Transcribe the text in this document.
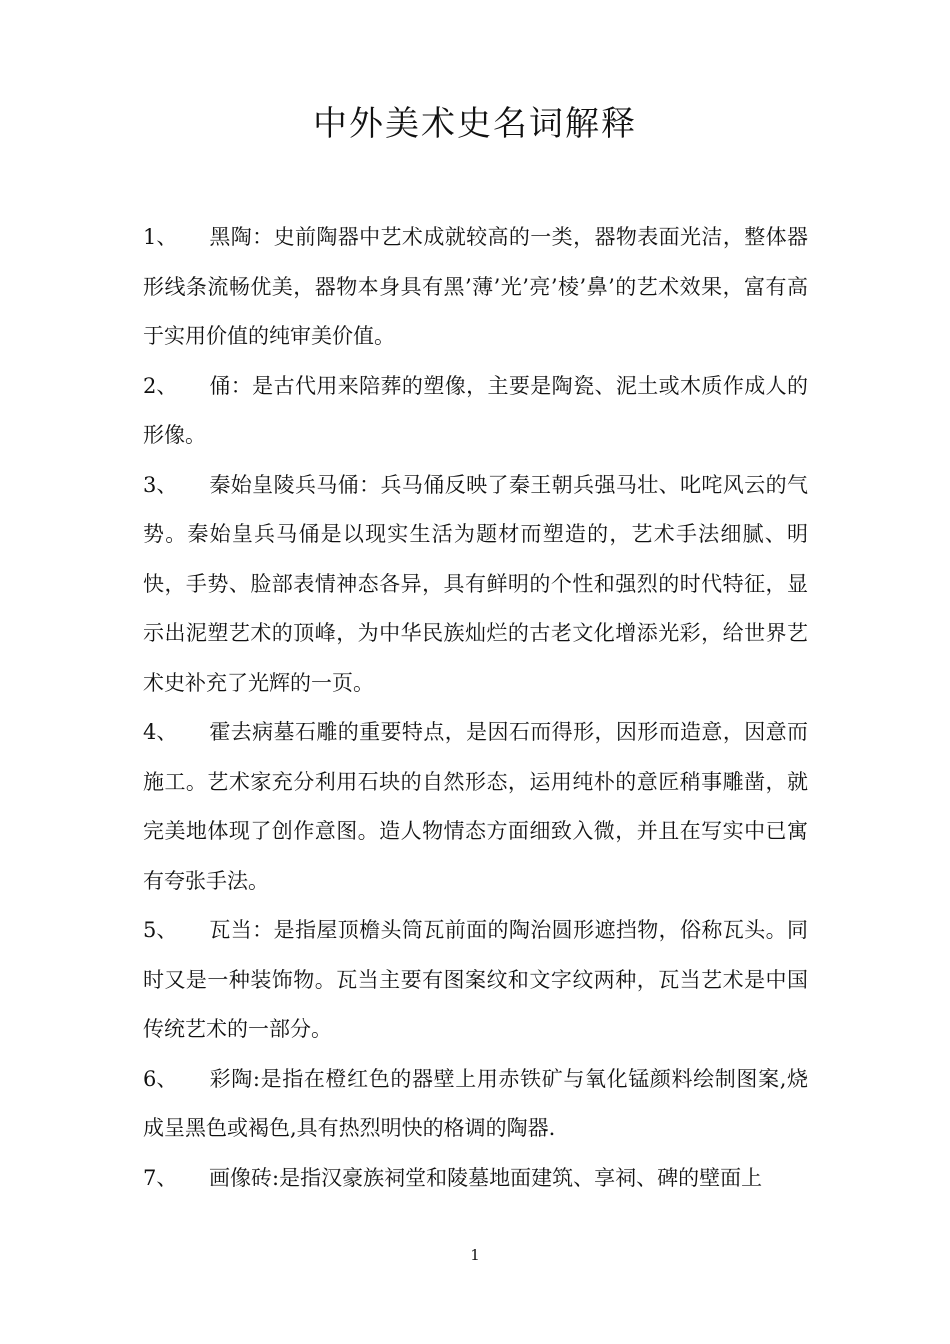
中外美术史名词解释

1、 黑陶：史前陶器中艺术成就较高的一类，器物表面光洁，整体器形线条流畅优美，器物本身具有黑’薄’光’亮’棱’鼻’的艺术效果，富有高于实用价值的纯审美价值。

2、 俑：是古代用来陪葬的塑像，主要是陶瓷、泥土或木质作成人的形像。

3、 秦始皇陵兵马俑：兵马俑反映了秦王朝兵强马壮、叱咤风云的气势。秦始皇兵马俑是以现实生活为题材而塑造的，艺术手法细腻、明快，手势、脸部表情神态各异，具有鲜明的个性和强烈的时代特征，显示出泥塑艺术的顶峰，为中华民族灿烂的古老文化增添光彩，给世界艺术史补充了光辉的一页。

4、 霍去病墓石雕的重要特点，是因石而得形，因形而造意，因意而施工。艺术家充分利用石块的自然形态，运用纯朴的意匠稍事雕凿，就完美地体现了创作意图。造人物情态方面细致入微，并且在写实中已寓有夸张手法。

5、 瓦当：是指屋顶檐头筒瓦前面的陶治圆形遮挡物，俗称瓦头。同时又是一种装饰物。瓦当主要有图案纹和文字纹两种，瓦当艺术是中国传统艺术的一部分。

6、 彩陶:是指在橙红色的器壁上用赤铁矿与氧化锰颜料绘制图案,烧成呈黑色或褐色,具有热烈明快的格调的陶器.

7、 画像砖:是指汉豪族祠堂和陵墓地面建筑、享祠、碑的壁面上

1
